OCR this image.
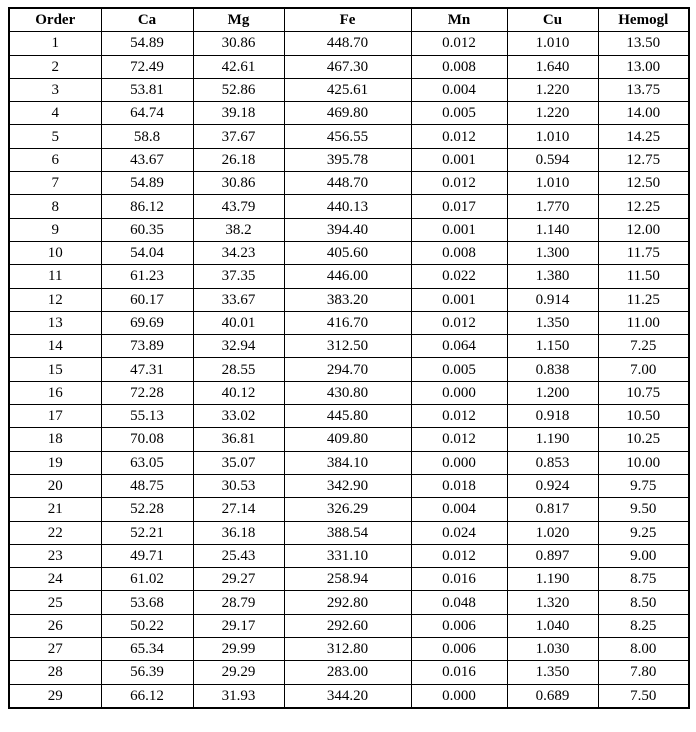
Order	Ca	Mg	Fe	Mn	Cu	Hemogl
1	54.89	30.86	448.70	0.012	1.010	13.50
2	72.49	42.61	467.30	0.008	1.640	13.00
3	53.81	52.86	425.61	0.004	1.220	13.75
4	64.74	39.18	469.80	0.005	1.220	14.00
5	58.8	37.67	456.55	0.012	1.010	14.25
6	43.67	26.18	395.78	0.001	0.594	12.75
7	54.89	30.86	448.70	0.012	1.010	12.50
8	86.12	43.79	440.13	0.017	1.770	12.25
9	60.35	38.2	394.40	0.001	1.140	12.00
10	54.04	34.23	405.60	0.008	1.300	11.75
11	61.23	37.35	446.00	0.022	1.380	11.50
12	60.17	33.67	383.20	0.001	0.914	11.25
13	69.69	40.01	416.70	0.012	1.350	11.00
14	73.89	32.94	312.50	0.064	1.150	7.25
15	47.31	28.55	294.70	0.005	0.838	7.00
16	72.28	40.12	430.80	0.000	1.200	10.75
17	55.13	33.02	445.80	0.012	0.918	10.50
18	70.08	36.81	409.80	0.012	1.190	10.25
19	63.05	35.07	384.10	0.000	0.853	10.00
20	48.75	30.53	342.90	0.018	0.924	9.75
21	52.28	27.14	326.29	0.004	0.817	9.50
22	52.21	36.18	388.54	0.024	1.020	9.25
23	49.71	25.43	331.10	0.012	0.897	9.00
24	61.02	29.27	258.94	0.016	1.190	8.75
25	53.68	28.79	292.80	0.048	1.320	8.50
26	50.22	29.17	292.60	0.006	1.040	8.25
27	65.34	29.99	312.80	0.006	1.030	8.00
28	56.39	29.29	283.00	0.016	1.350	7.80
29	66.12	31.93	344.20	0.000	0.689	7.50
